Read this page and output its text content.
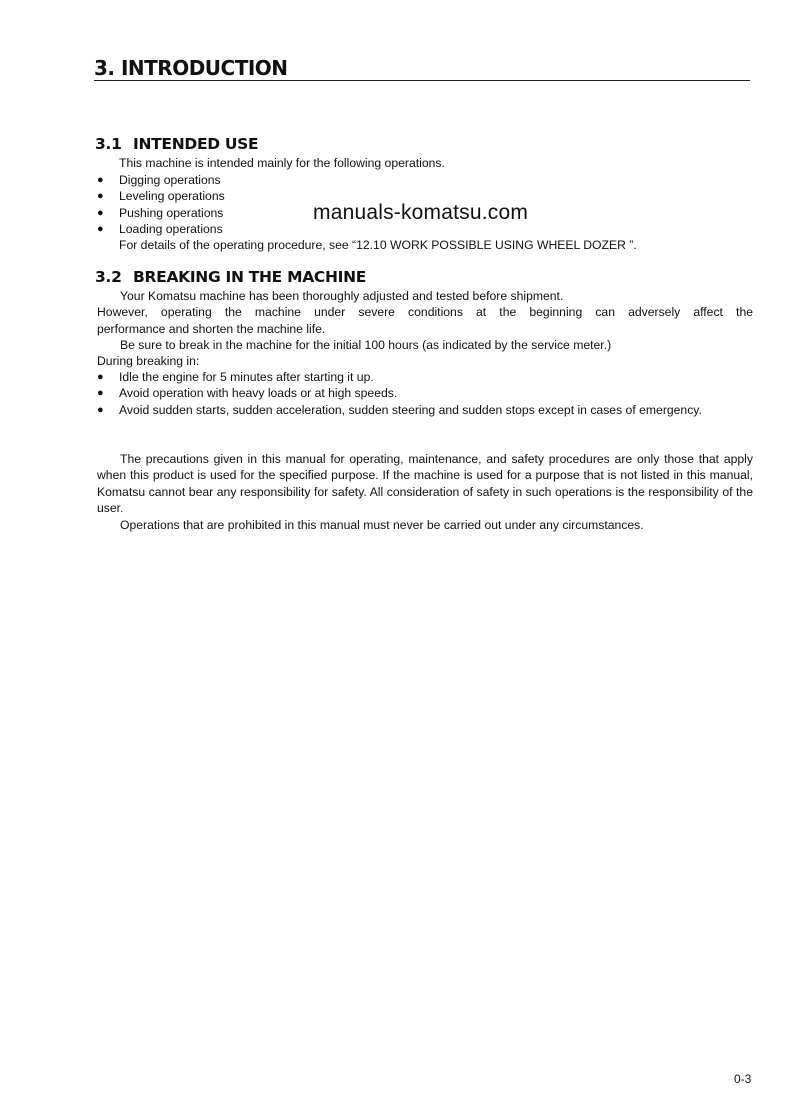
3. INTRODUCTION
3.1 INTENDED USE
This machine is intended mainly for the following operations.
● Digging operations
● Leveling operations
● Pushing operations
● Loading operations
For details of the operating procedure, see “12.10 WORK POSSIBLE USING WHEEL DOZER ”.
manuals-komatsu.com
3.2 BREAKING IN THE MACHINE
Your Komatsu machine has been thoroughly adjusted and tested before shipment.

However, operating the machine under severe conditions at the beginning can adversely affect the

performance and shorten the machine life.
Be sure to break in the machine for the initial 100 hours (as indicated by the service meter.)
During breaking in:
● Idle the engine for 5 minutes after starting it up.
● Avoid operation with heavy loads or at high speeds.
● Avoid sudden starts, sudden acceleration, sudden steering and sudden stops except in cases of emergency.

The precautions given in this manual for operating, maintenance, and safety procedures are only those that apply when this product is used for the specified purpose. If the machine is used for a purpose that is not listed in this manual, Komatsu cannot bear any responsibility for safety. All consideration of safety in such operations is the responsibility of the user.

Operations that are prohibited in this manual must never be carried out under any circumstances.
0-3
